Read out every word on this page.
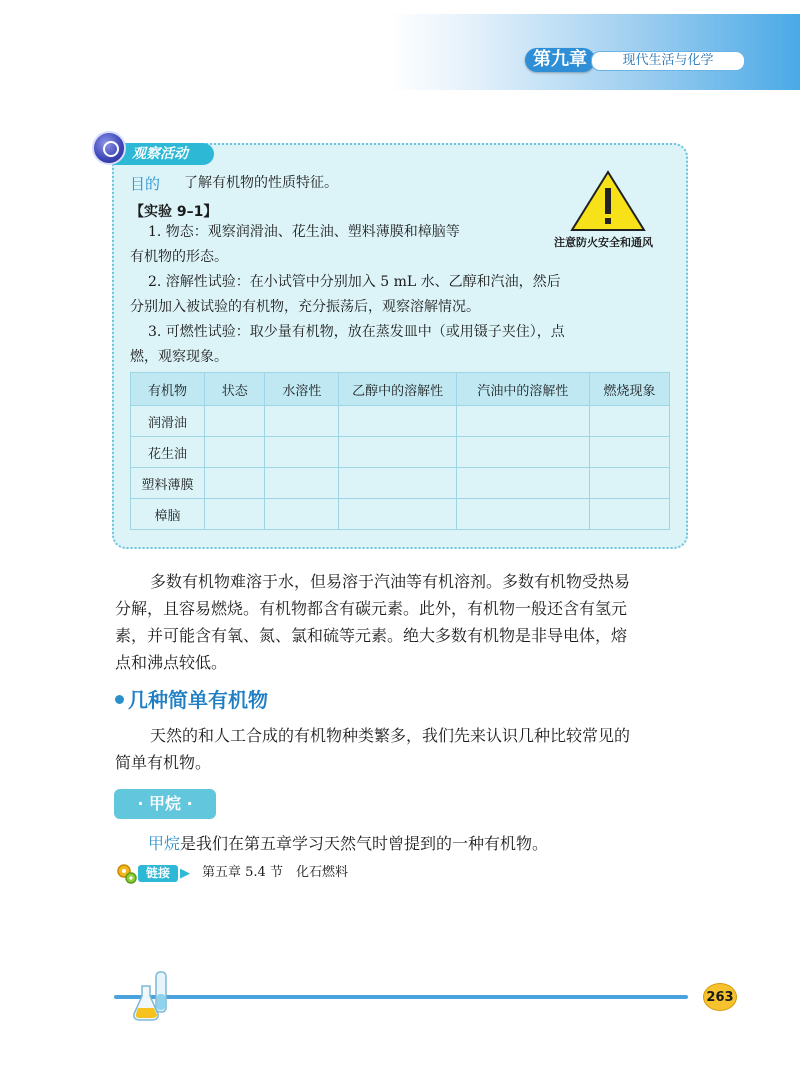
第九章	现代生活与化学
观察活动
目的 了解有机物的性质特征。
【实验 9–1】
注意防火安全和通风
1. 物态：观察润滑油、花生油、塑料薄膜和樟脑等
有机物的形态。
2. 溶解性试验：在小试管中分别加入 5 mL 水、乙醇和汽油，然后
分别加入被试验的有机物，充分振荡后，观察溶解情况。
3. 可燃性试验：取少量有机物，放在蒸发皿中（或用镊子夹住），点
燃，观察现象。
有机物	状态	水溶性	乙醇中的溶解性	汽油中的溶解性	燃烧现象
润滑油					
花生油					
塑料薄膜					
樟脑					
多数有机物难溶于水，但易溶于汽油等有机溶剂。多数有机物受热易
分解，且容易燃烧。有机物都含有碳元素。此外，有机物一般还含有氢元
素，并可能含有氧、氮、氯和硫等元素。绝大多数有机物是非导电体，熔
点和沸点较低。
几种简单有机物
天然的和人工合成的有机物种类繁多，我们先来认识几种比较常见的
简单有机物。
· 甲烷 ·
甲烷是我们在第五章学习天然气时曾提到的一种有机物。
链接 ▶ 第五章 5.4 节　化石燃料
263
